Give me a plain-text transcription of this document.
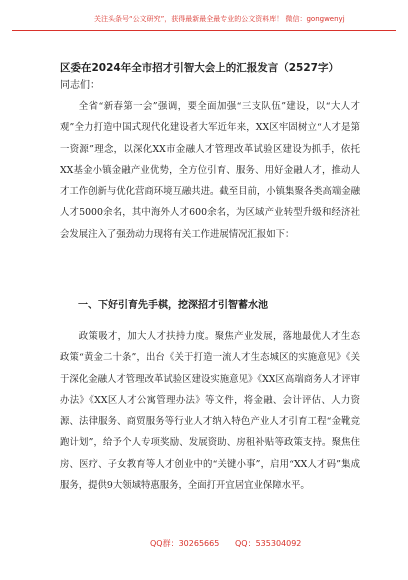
关注头条号“公文研究”，获得最新最全最专业的公文资料库！ 微信：gongwenyj
区委在2024年全市招才引智大会上的汇报发言（2527字）
同志们：

全省“新春第一会”强调，要全面加强“三支队伍”建设，以“大人才观”全力打造中国式现代化建设者大军近年来，XX区牢固树立“人才是第一资源”理念，以深化XX市金融人才管理改革试验区建设为抓手，依托XX基金小镇金融产业优势，全方位引育、服务、用好金融人才，推动人才工作创新与优化营商环境互融共进。截至目前，小镇集聚各类高端金融人才5000余名，其中海外人才600余名，为区域产业转型升级和经济社会发展注入了强劲动力现将有关工作进展情况汇报如下：

一、下好引育先手棋，挖深招才引智蓄水池

政策吸才，加大人才扶持力度。聚焦产业发展，落地最优人才生态政策“黄金二十条”，出台《关于打造一流人才生态城区的实施意见》《关于深化金融人才管理改革试验区建设实施意见》《XX区高端商务人才评审办法》《XX区人才公寓管理办法》等文件，将金融、会计评估、人力资源、法律服务、商贸服务等行业人才纳入特色产业人才引育工程“金靴竞跑计划”，给予个人专项奖励、发展资助、房租补贴等政策支持。聚焦住房、医疗、子女教育等人才创业中的“关键小事”，启用“XX人才码”集成服务，提供9大领域特惠服务，全面打开宜居宜业保障水平。

QQ群：30265665 QQ：535304092
